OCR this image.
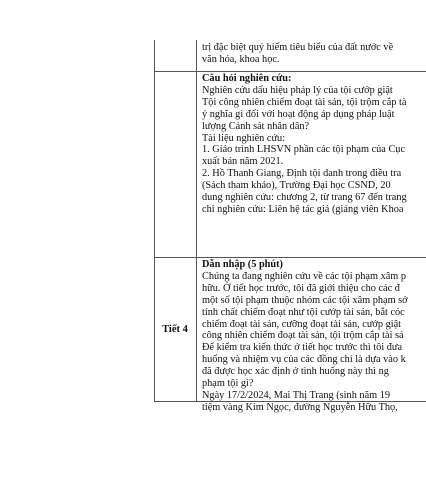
trị đặc biệt quý hiếm tiêu biểu của đất nước về

văn hóa, khoa học.

Câu hỏi nghiên cứu:

Nghiên cứu dấu hiệu pháp lý của tội cướp giật

Tội công nhiên chiếm đoạt tài sản, tội trộm cắp tà

ý nghĩa gì đối với hoạt động áp dụng pháp luật

lượng Cảnh sát nhân dân?

Tài liệu nghiên cứu:

1. Giáo trình LHSVN phần các tội phạm của Cục

xuất bản năm 2021.

2. Hồ Thanh Giang, Định tội danh trong điều tra

(Sách tham khảo), Trường Đại học CSND, 20

dung nghiên cứu: chương 2, từ trang 67 đến trang

chỉ nghiên cứu: Liên hệ tác giả (giảng viên Khoa

Tiết 4

Dẫn nhập (5 phút)

Chúng ta đang nghiên cứu về các tội phạm xâm p

hữu. Ở tiết học trước, tôi đã giới thiệu cho các đ

một số tội phạm thuộc nhóm các tội xâm phạm sở

tính chất chiếm đoạt như tội cướp tài sản, bắt cóc

chiếm đoạt tài sản, cưỡng đoạt tài sản, cướp giật

công nhiên chiếm đoạt tài sản, tội trộm cắp tài sả

Để kiểm tra kiến thức ở tiết học trước thì tôi đưa

huống và nhiệm vụ của các đồng chí là dựa vào k

đã được học xác định ở tình huống này thì ng

phạm tội gì?

Ngày 17/2/2024, Mai Thị Trang (sinh năm 19

tiệm vàng Kim Ngọc, đường Nguyễn Hữu Thọ,
